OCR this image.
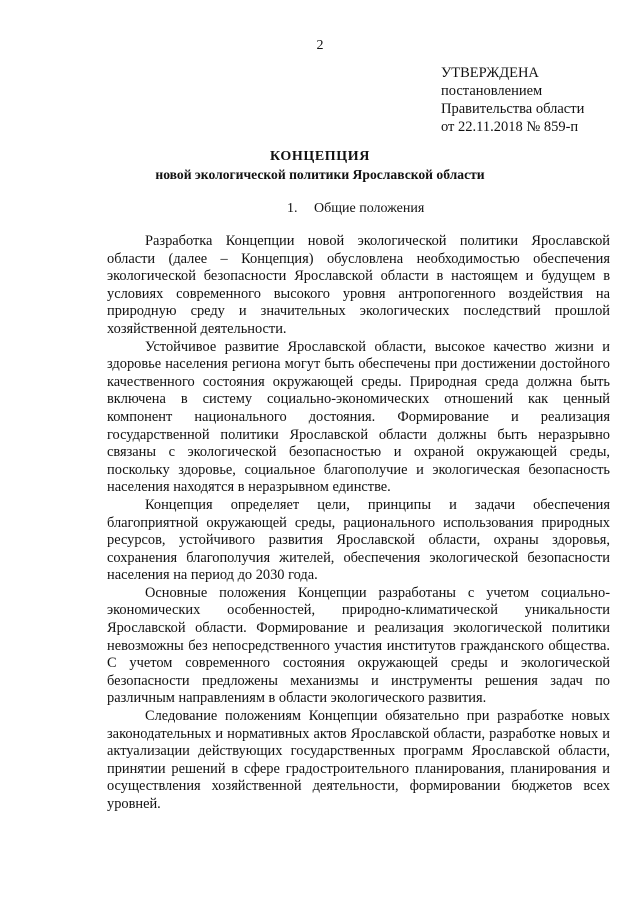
2
УТВЕРЖДЕНА
постановлением
Правительства области
от 22.11.2018 № 859-п
КОНЦЕПЦИЯ
новой экологической политики Ярославской области
1. Общие положения

Разработка Концепции новой экологической политики Ярославской области (далее – Концепция) обусловлена необходимостью обеспечения экологической безопасности Ярославской области в настоящем и будущем в условиях современного высокого уровня антропогенного воздействия на природную среду и значительных экологических последствий прошлой хозяйственной деятельности.

Устойчивое развитие Ярославской области, высокое качество жизни и здоровье населения региона могут быть обеспечены при достижении достойного качественного состояния окружающей среды. Природная среда должна быть включена в систему социально-экономических отношений как ценный компонент национального достояния. Формирование и реализация государственной политики Ярославской области должны быть неразрывно связаны с экологической безопасностью и охраной окружающей среды, поскольку здоровье, социальное благополучие и экологическая безопасность населения находятся в неразрывном единстве.

Концепция определяет цели, принципы и задачи обеспечения благоприятной окружающей среды, рационального использования природных ресурсов, устойчивого развития Ярославской области, охраны здоровья, сохранения благополучия жителей, обеспечения экологической безопасности населения на период до 2030 года.

Основные положения Концепции разработаны с учетом социально-экономических особенностей, природно-климатической уникальности Ярославской области. Формирование и реализация экологической политики невозможны без непосредственного участия институтов гражданского общества. С учетом современного состояния окружающей среды и экологической безопасности предложены механизмы и инструменты решения задач по различным направлениям в области экологического развития.

Следование положениям Концепции обязательно при разработке новых законодательных и нормативных актов Ярославской области, разработке новых и актуализации действующих государственных программ Ярославской области, принятии решений в сфере градостроительного планирования, планирования и осуществления хозяйственной деятельности, формировании бюджетов всех уровней.
